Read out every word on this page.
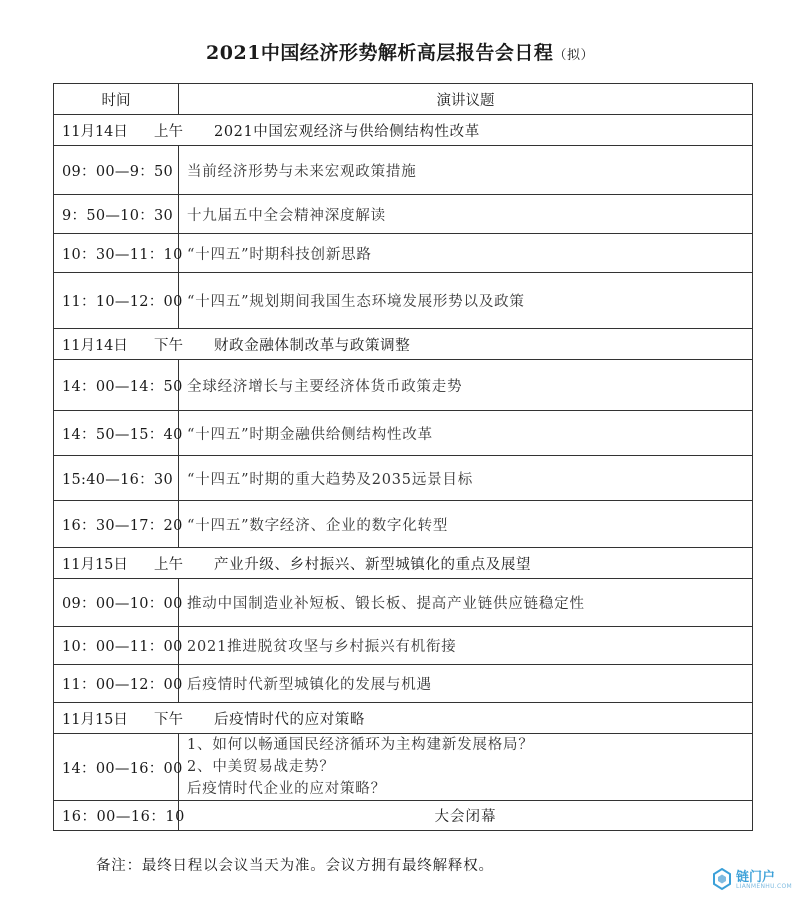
2021中国经济形势解析高层报告会日程（拟）
时间	演讲议题
11月14日 上午 2021中国宏观经济与供给侧结构性改革	
09：00—9：50	当前经济形势与未来宏观政策措施
9：50—10：30	十九届五中全会精神深度解读
10：30—11：10	“十四五”时期科技创新思路
11：10—12：00	“十四五”规划期间我国生态环境发展形势以及政策
11月14日 下午 财政金融体制改革与政策调整	
14：00—14：50	全球经济增长与主要经济体货币政策走势
14：50—15：40	“十四五”时期金融供给侧结构性改革
15:40—16：30	“十四五”时期的重大趋势及2035远景目标
16：30—17：20	“十四五”数字经济、企业的数字化转型
11月15日 上午 产业升级、乡村振兴、新型城镇化的重点及展望	
09：00—10：00	推动中国制造业补短板、锻长板、提高产业链供应链稳定性
10：00—11：00	2021推进脱贫攻坚与乡村振兴有机衔接
11：00—12：00	后疫情时代新型城镇化的发展与机遇
11月15日 下午 后疫情时代的应对策略	
14：00—16：00	1、如何以畅通国民经济循环为主构建新发展格局？
2、中美贸易战走势？
后疫情时代企业的应对策略？

16：00—16：10	大会闭幕
备注：最终日程以会议当天为准。会议方拥有最终解释权。
链门户
LIANMENHU.COM
